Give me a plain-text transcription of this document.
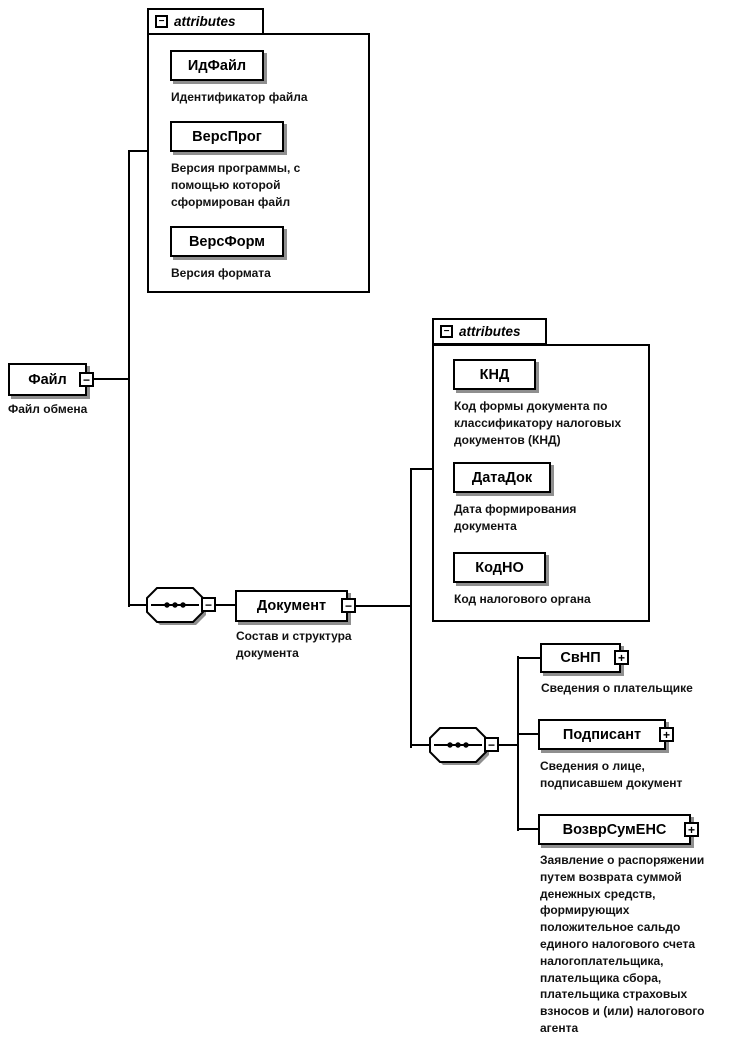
− attributes
ИдФайл
Идентификатор файла
ВерсПрог
Версия программы, с помощью которой сформирован файл
ВерсФорм
Версия формата
Файл	−
Файл обмена
−	Документ	−
Состав и структура документа
− attributes
КНД
Код формы документа по классификатору налоговых документов (КНД)
ДатаДок
Дата формирования документа
КодНО
Код налогового органа
−
СвНП	+
Сведения о плательщике
Подписант	+
Сведения о лице, подписавшем документ
ВозврСумЕНС	+
Заявление о распоряжении путем возврата суммой денежных средств, формирующих положительное сальдо единого налогового счета налогоплательщика, плательщика сбора, плательщика страховых взносов и (или) налогового агента
